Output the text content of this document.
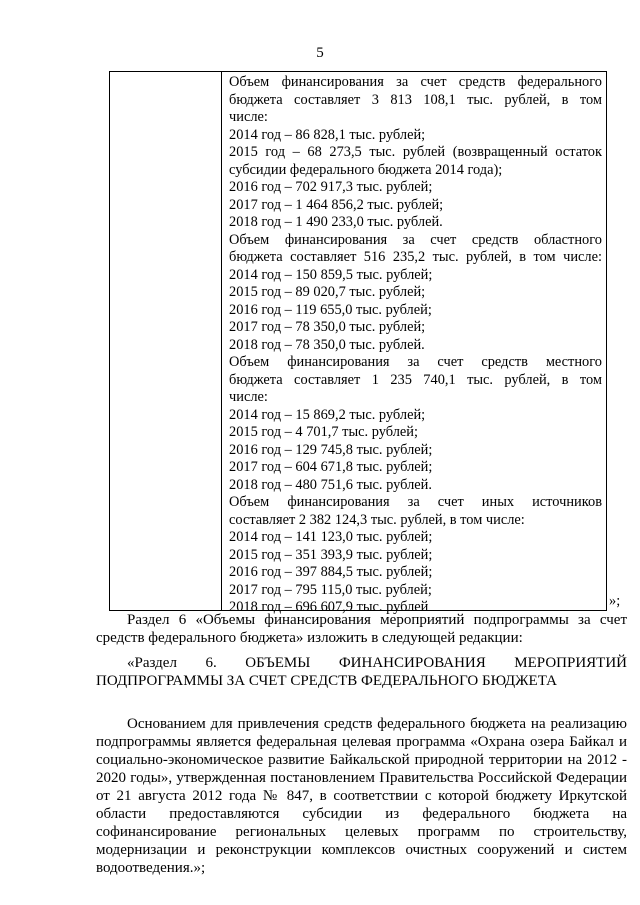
5

Объем финансирования за счет средств федерального

бюджета составляет 3 813 108,1 тыс. рублей, в том

числе:

2014 год – 86 828,1 тыс. рублей;

2015 год – 68 273,5 тыс. рублей (возвращенный остаток

субсидии федерального бюджета 2014 года);

2016 год – 702 917,3 тыс. рублей;

2017 год – 1 464 856,2 тыс. рублей;

2018 год – 1 490 233,0 тыс. рублей.

Объем финансирования за счет средств областного

бюджета составляет 516 235,2 тыс. рублей, в том числе:

2014 год – 150 859,5 тыс. рублей;

2015 год – 89 020,7 тыс. рублей;

2016 год – 119 655,0 тыс. рублей;

2017 год – 78 350,0 тыс. рублей;

2018 год – 78 350,0 тыс. рублей.

Объем финансирования за счет средств местного

бюджета составляет 1 235 740,1 тыс. рублей, в том

числе:

2014 год – 15 869,2 тыс. рублей;

2015 год – 4 701,7 тыс. рублей;

2016 год – 129 745,8 тыс. рублей;

2017 год – 604 671,8 тыс. рублей;

2018 год – 480 751,6 тыс. рублей.

Объем финансирования за счет иных источников

составляет 2 382 124,3 тыс. рублей, в том числе:

2014 год – 141 123,0 тыс. рублей;

2015 год – 351 393,9 тыс. рублей;

2016 год – 397 884,5 тыс. рублей;

2017 год – 795 115,0 тыс. рублей;

2018 год – 696 607,9 тыс. рублей	»;

Раздел 6 «Объемы финансирования мероприятий подпрограммы за счет средств федерального бюджета» изложить в следующей редакции:

«Раздел 6. ОБЪЕМЫ ФИНАНСИРОВАНИЯ МЕРОПРИЯТИЙ ПОДПРОГРАММЫ ЗА СЧЕТ СРЕДСТВ ФЕДЕРАЛЬНОГО БЮДЖЕТА

Основанием для привлечения средств федерального бюджета на реализацию подпрограммы является федеральная целевая программа «Охрана озера Байкал и социально-экономическое развитие Байкальской природной территории на 2012 - 2020 годы», утвержденная постановлением Правительства Российской Федерации от 21 августа 2012 года № 847, в соответствии с которой бюджету Иркутской области предоставляются субсидии из федерального бюджета на софинансирование региональных целевых программ по строительству, модернизации и реконструкции комплексов очистных сооружений и систем водоотведения.»;
